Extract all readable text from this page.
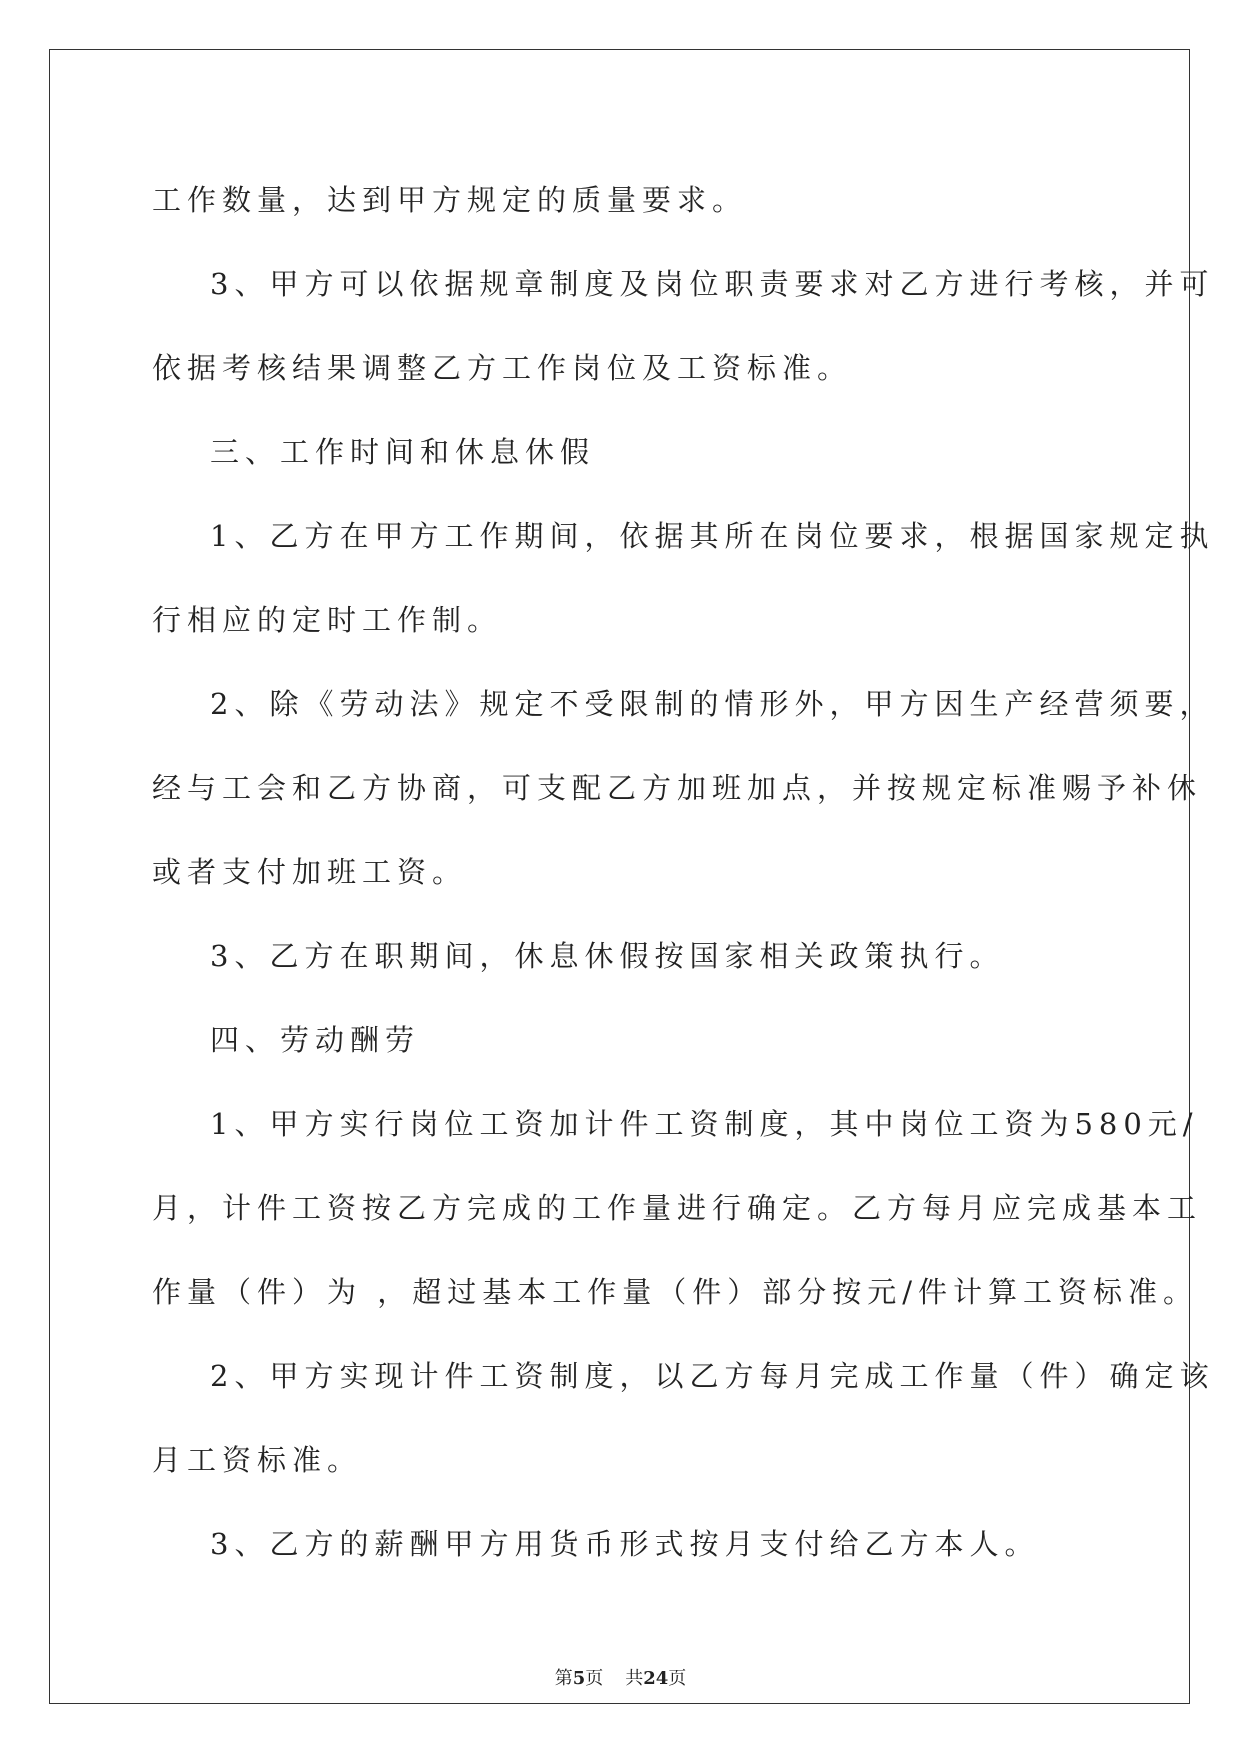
工作数量，达到甲方规定的质量要求。

3、甲方可以依据规章制度及岗位职责要求对乙方进行考核，并可

依据考核结果调整乙方工作岗位及工资标准。

三、工作时间和休息休假

1、乙方在甲方工作期间，依据其所在岗位要求，根据国家规定执

行相应的定时工作制。

2、除《劳动法》规定不受限制的情形外，甲方因生产经营须要，

经与工会和乙方协商，可支配乙方加班加点，并按规定标准赐予补休

或者支付加班工资。

3、乙方在职期间，休息休假按国家相关政策执行。

四、劳动酬劳

1、甲方实行岗位工资加计件工资制度，其中岗位工资为580元/

月，计件工资按乙方完成的工作量进行确定。乙方每月应完成基本工

作量（件）为 ，超过基本工作量（件）部分按元/件计算工资标准。

2、甲方实现计件工资制度，以乙方每月完成工作量（件）确定该

月工资标准。

3、乙方的薪酬甲方用货币形式按月支付给乙方本人。

第5页 共24页
